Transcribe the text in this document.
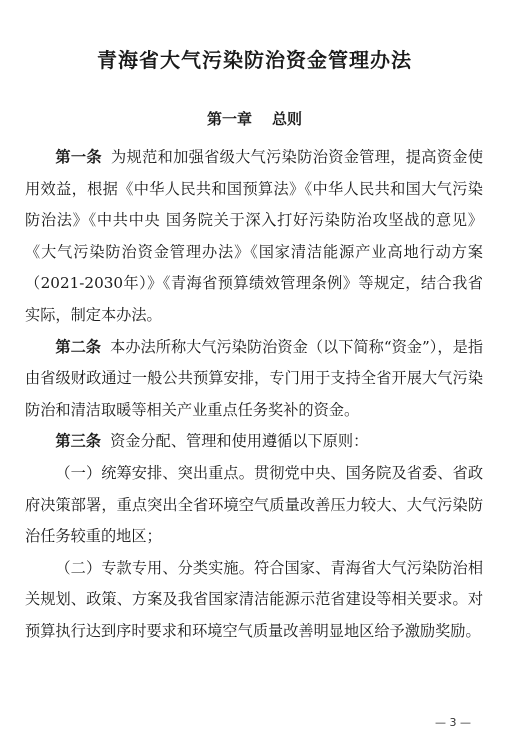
青海省大气污染防治资金管理办法
第一章 总则

第一条 为规范和加强省级大气污染防治资金管理，提高资金使用效益，根据《中华人民共和国预算法》《中华人民共和国大气污染防治法》《中共中央 国务院关于深入打好污染防治攻坚战的意见》《大气污染防治资金管理办法》《国家清洁能源产业高地行动方案（2021-2030年）》《青海省预算绩效管理条例》等规定，结合我省实际，制定本办法。

第二条 本办法所称大气污染防治资金（以下简称“资金”），是指由省级财政通过一般公共预算安排，专门用于支持全省开展大气污染防治和清洁取暖等相关产业重点任务奖补的资金。

第三条 资金分配、管理和使用遵循以下原则：

（一）统筹安排、突出重点。贯彻党中央、国务院及省委、省政府决策部署，重点突出全省环境空气质量改善压力较大、大气污染防治任务较重的地区；

（二）专款专用、分类实施。符合国家、青海省大气污染防治相关规划、政策、方案及我省国家清洁能源示范省建设等相关要求。对预算执行达到序时要求和环境空气质量改善明显地区给予激励奖励。

— 3 —
